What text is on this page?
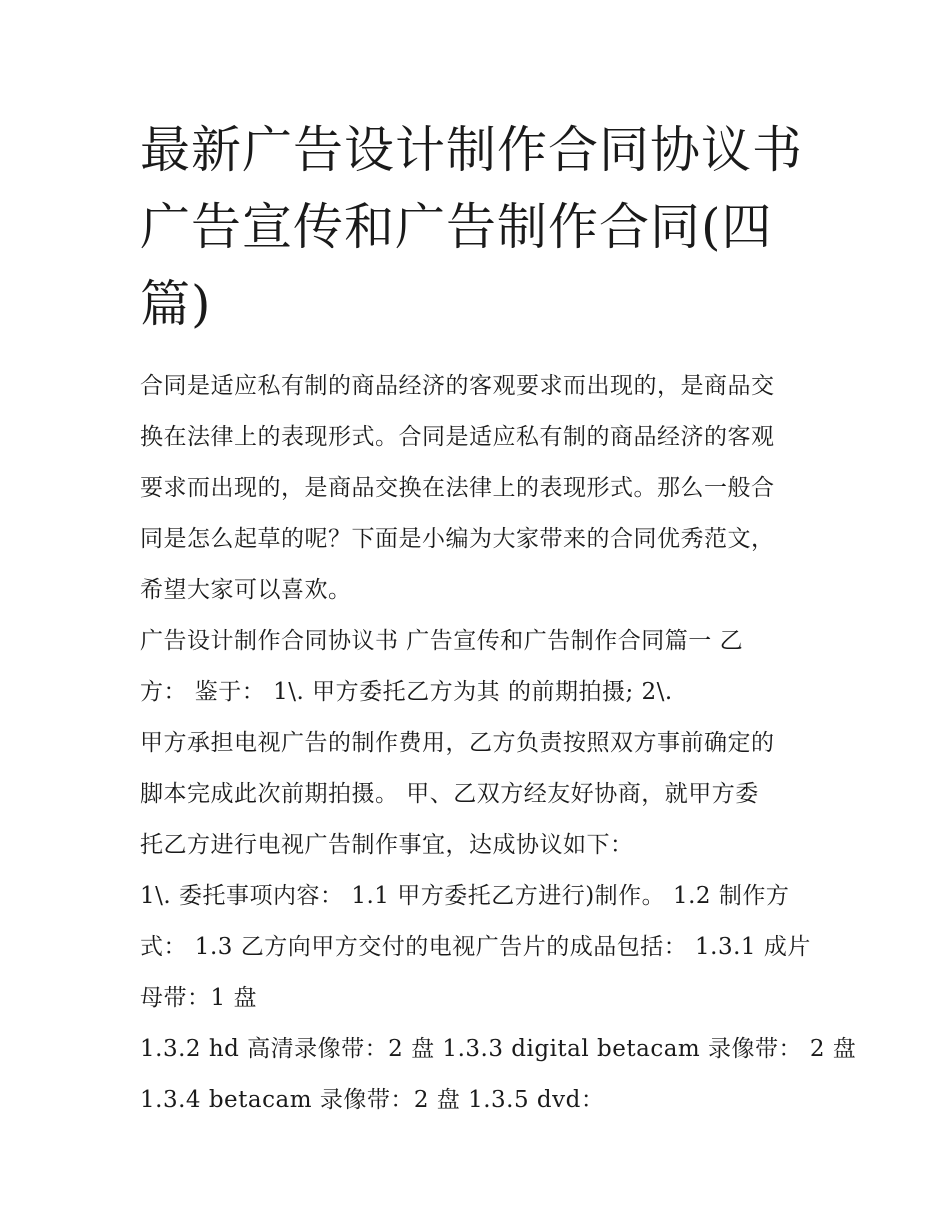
最新广告设计制作合同协议书
广告宣传和广告制作合同(四
篇)

合同是适应私有制的商品经济的客观要求而出现的，是商品交
换在法律上的表现形式。合同是适应私有制的商品经济的客观
要求而出现的，是商品交换在法律上的表现形式。那么一般合
同是怎么起草的呢？下面是小编为大家带来的合同优秀范文，
希望大家可以喜欢。

广告设计制作合同协议书 广告宣传和广告制作合同篇一 乙
方： 鉴于： 1\. 甲方委托乙方为其 的前期拍摄; 2\.

甲方承担电视广告的制作费用，乙方负责按照双方事前确定的
脚本完成此次前期拍摄。 甲、乙双方经友好协商，就甲方委
托乙方进行电视广告制作事宜，达成协议如下：

1\. 委托事项内容： 1.1 甲方委托乙方进行)制作。 1.2 制作方
式： 1.3 乙方向甲方交付的电视广告片的成品包括： 1.3.1 成片
母带：1 盘

1.3.2 hd 高清录像带：2 盘 1.3.3 digital betacam 录像带： 2 盘
1.3.4 betacam 录像带：2 盘 1.3.5 dvd：
